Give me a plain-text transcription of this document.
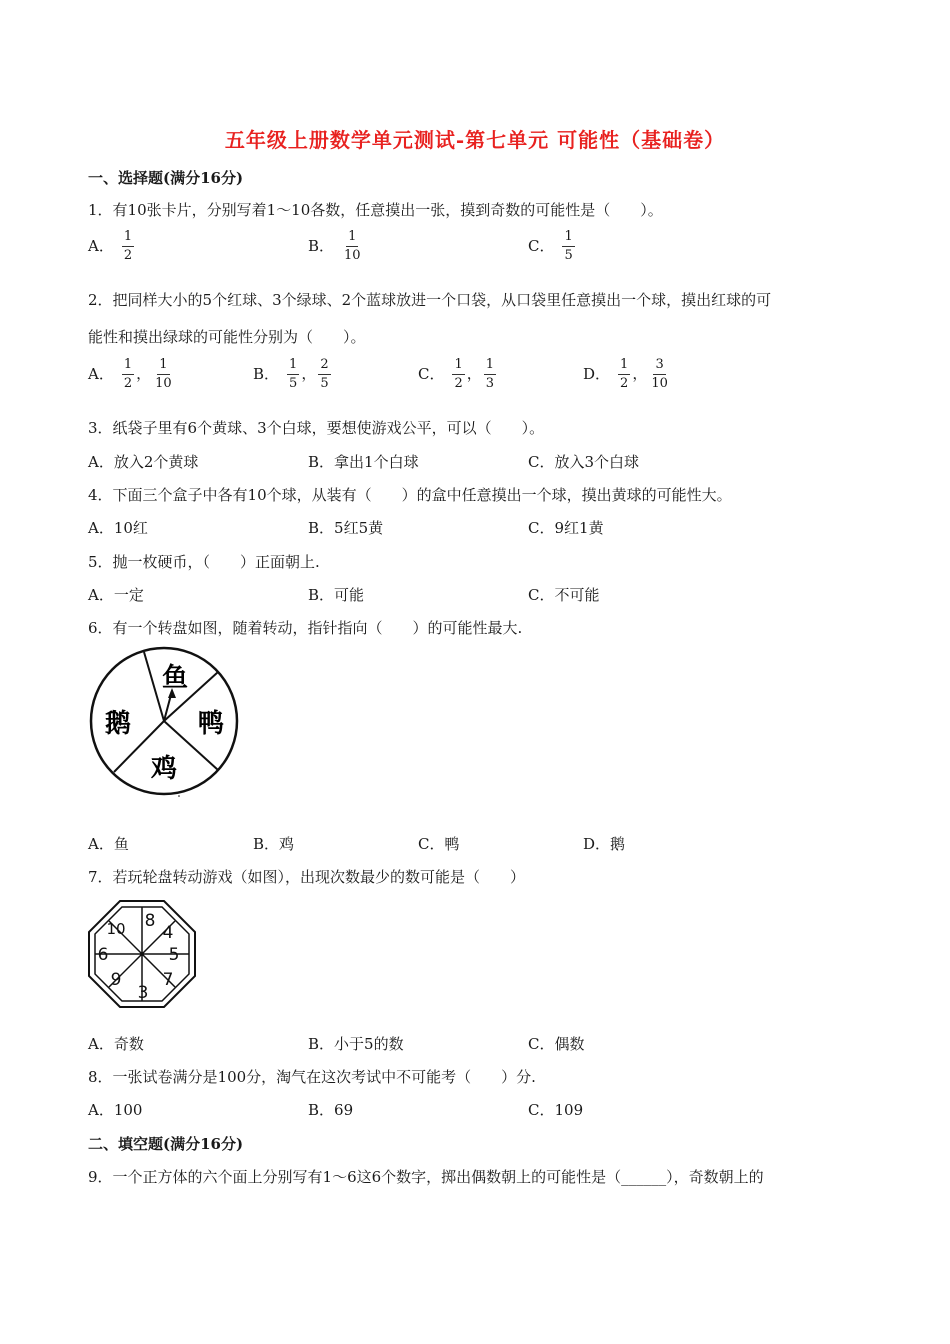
五年级上册数学单元测试-第七单元 可能性（基础卷）
一、选择题(满分16分)
1．有10张卡片，分别写着1～10各数，任意摸出一张，摸到奇数的可能性是（　　）。
A． $\frac{1}{2}$	B． $\frac{1}{10}$	C． $\frac{1}{5}$
2．把同样大小的5个红球、3个绿球、2个蓝球放进一个口袋，从口袋里任意摸出一个球，摸出红球的可
能性和摸出绿球的可能性分别为（　　）。
A． $\frac{1}{2}$ ， $\frac{1}{10}$	B． $\frac{1}{5}$ ， $\frac{2}{5}$	C． $\frac{1}{2}$ ， $\frac{1}{3}$	D． $\frac{1}{2}$ ， $\frac{3}{10}$
3．纸袋子里有6个黄球、3个白球，要想使游戏公平，可以（　　）。
A．放入2个黄球	B．拿出1个白球	C．放入3个白球
4．下面三个盒子中各有10个球，从装有（　　）的盒中任意摸出一个球，摸出黄球的可能性大。
A．10红	B．5红5黄	C．9红1黄
5．抛一枚硬币，（　　）正面朝上.
A．一定	B．可能	C．不可能
6．有一个转盘如图，随着转动，指针指向（　　）的可能性最大.
鱼
鸭
鸡
鹅
A．鱼	B．鸡	C．鸭	D．鹅
7．若玩轮盘转动游戏（如图），出现次数最少的数可能是（　　）
8
4
5
7
3
9
6
10
A．奇数	B．小于5的数	C．偶数
8．一张试卷满分是100分，淘气在这次考试中不可能考（　　）分.
A．100	B．69	C．109
二、填空题(满分16分)
9．一个正方体的六个面上分别写有1～6这6个数字，掷出偶数朝上的可能性是（______），奇数朝上的
